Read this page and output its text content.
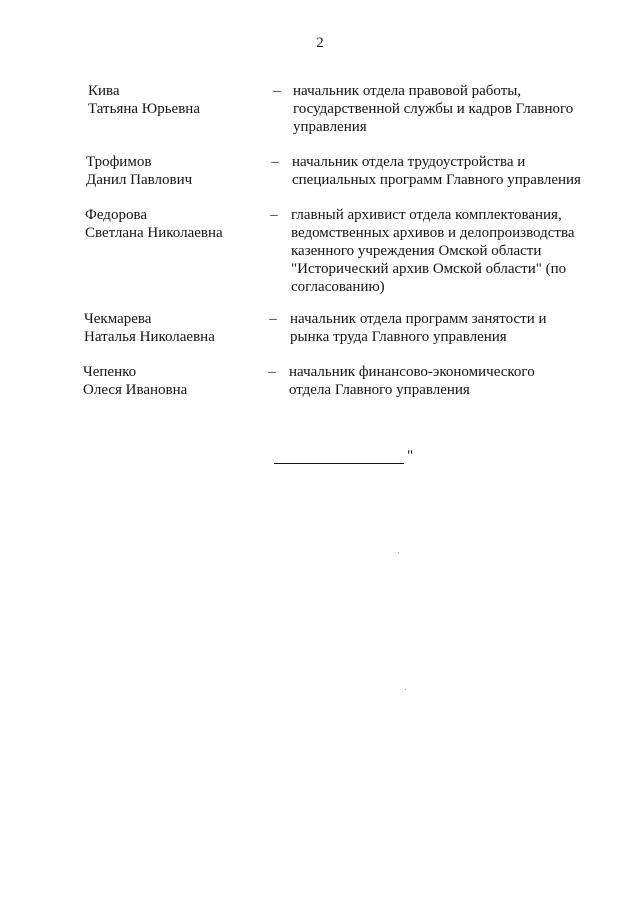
2
Кива
Татьяна Юрьевна
– начальник отдела правовой работы,
государственной службы и кадров Главного
управления
Трофимов
Данил Павлович
– начальник отдела трудоустройства и
специальных программ Главного управления
Федорова
Светлана Николаевна
– главный архивист отдела комплектования,
ведомственных архивов и делопроизводства
казенного учреждения Омской области
"Исторический архив Омской области" (по
согласованию)
Чекмарева
Наталья Николаевна
– начальник отдела программ занятости и
рынка труда Главного управления
Чепенко
Олеся Ивановна
– начальник финансово-экономического
отдела Главного управления
"
